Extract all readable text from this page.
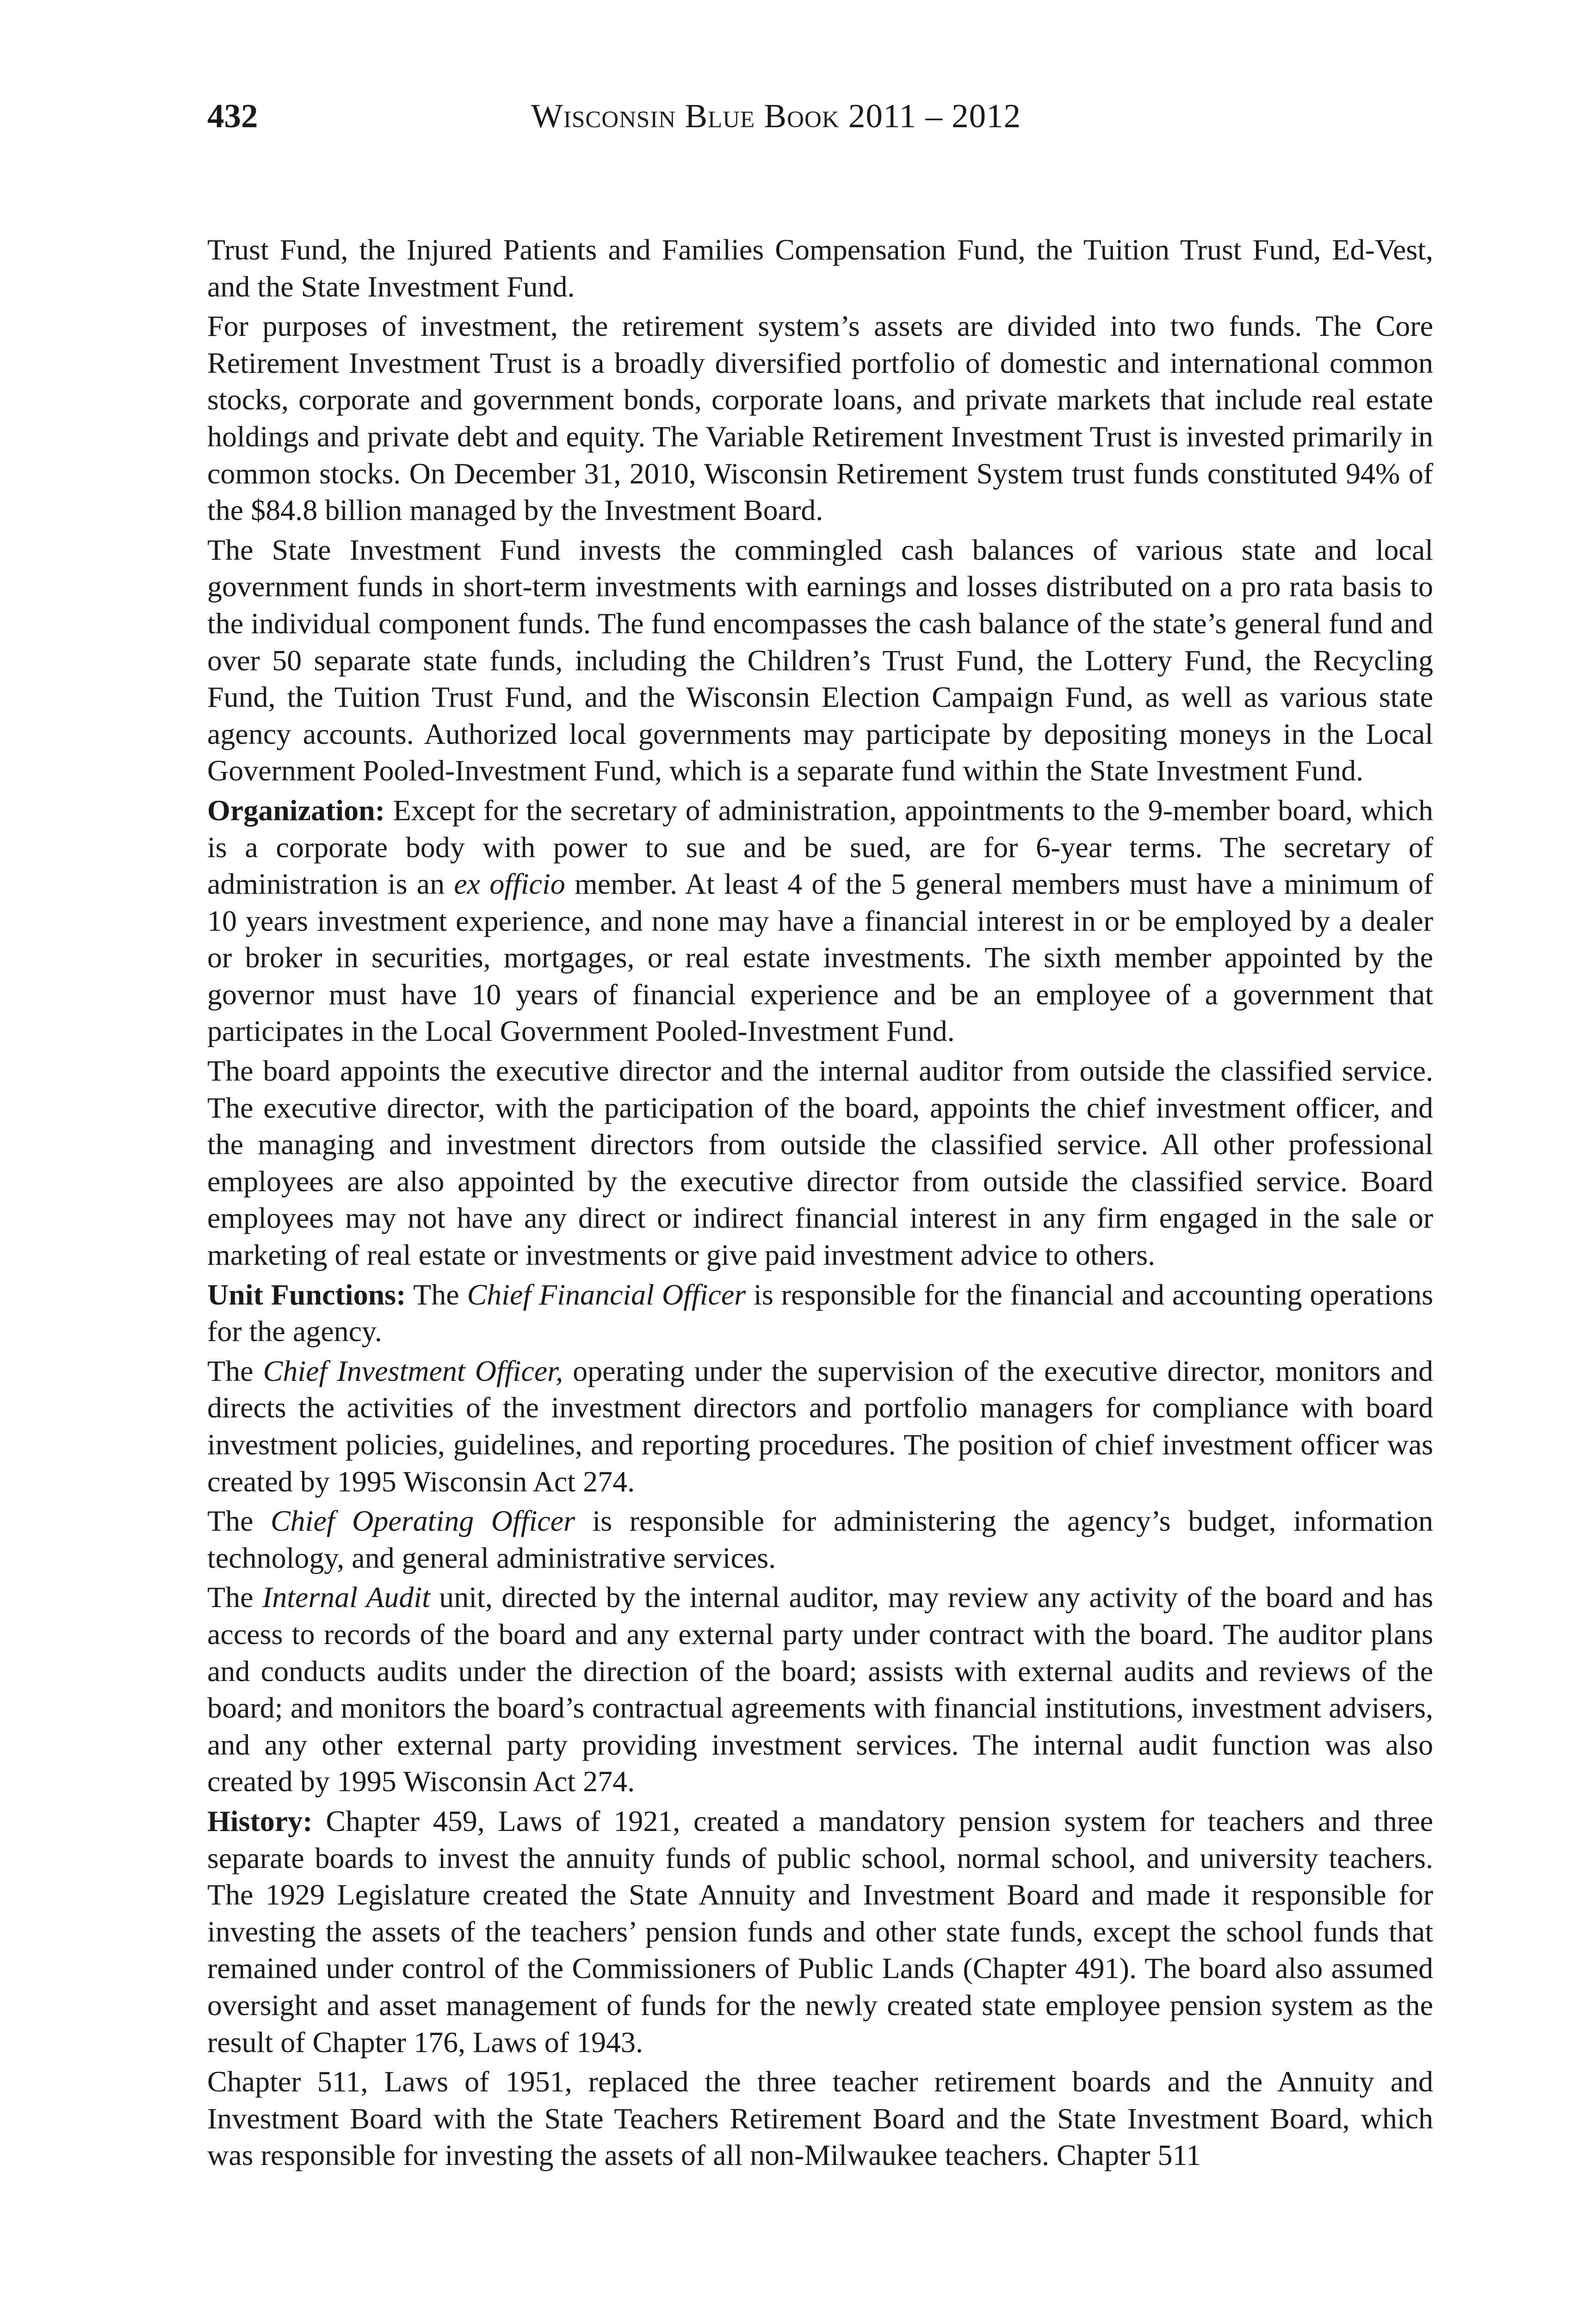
432	Wisconsin Blue Book 2011 – 2012

Trust Fund, the Injured Patients and Families Compensation Fund, the Tuition Trust Fund, Ed-Vest, and the State Investment Fund.

For purposes of investment, the retirement system’s assets are divided into two funds. The Core Retirement Investment Trust is a broadly diversified portfolio of domestic and international common stocks, corporate and government bonds, corporate loans, and private markets that include real estate holdings and private debt and equity. The Variable Retirement Investment Trust is invested primarily in common stocks. On December 31, 2010, Wisconsin Retirement System trust funds constituted 94% of the $84.8 billion managed by the Investment Board.

The State Investment Fund invests the commingled cash balances of various state and local government funds in short-term investments with earnings and losses distributed on a pro rata basis to the individual component funds. The fund encompasses the cash balance of the state’s general fund and over 50 separate state funds, including the Children’s Trust Fund, the Lottery Fund, the Recycling Fund, the Tuition Trust Fund, and the Wisconsin Election Campaign Fund, as well as various state agency accounts. Authorized local governments may participate by depositing moneys in the Local Government Pooled-Investment Fund, which is a separate fund within the State Investment Fund.

Organization: Except for the secretary of administration, appointments to the 9-member board, which is a corporate body with power to sue and be sued, are for 6-year terms. The secretary of administration is an ex officio member. At least 4 of the 5 general members must have a minimum of 10 years investment experience, and none may have a financial interest in or be employed by a dealer or broker in securities, mortgages, or real estate investments. The sixth member appointed by the governor must have 10 years of financial experience and be an employee of a government that participates in the Local Government Pooled-Investment Fund.

The board appoints the executive director and the internal auditor from outside the classified service. The executive director, with the participation of the board, appoints the chief investment officer, and the managing and investment directors from outside the classified service. All other professional employees are also appointed by the executive director from outside the classified service. Board employees may not have any direct or indirect financial interest in any firm engaged in the sale or marketing of real estate or investments or give paid investment advice to others.

Unit Functions: The Chief Financial Officer is responsible for the financial and accounting operations for the agency.

The Chief Investment Officer, operating under the supervision of the executive director, monitors and directs the activities of the investment directors and portfolio managers for compliance with board investment policies, guidelines, and reporting procedures. The position of chief investment officer was created by 1995 Wisconsin Act 274.

The Chief Operating Officer is responsible for administering the agency’s budget, information technology, and general administrative services.

The Internal Audit unit, directed by the internal auditor, may review any activity of the board and has access to records of the board and any external party under contract with the board. The auditor plans and conducts audits under the direction of the board; assists with external audits and reviews of the board; and monitors the board’s contractual agreements with financial institutions, investment advisers, and any other external party providing investment services. The internal audit function was also created by 1995 Wisconsin Act 274.

History: Chapter 459, Laws of 1921, created a mandatory pension system for teachers and three separate boards to invest the annuity funds of public school, normal school, and university teachers. The 1929 Legislature created the State Annuity and Investment Board and made it responsible for investing the assets of the teachers’ pension funds and other state funds, except the school funds that remained under control of the Commissioners of Public Lands (Chapter 491). The board also assumed oversight and asset management of funds for the newly created state employee pension system as the result of Chapter 176, Laws of 1943.

Chapter 511, Laws of 1951, replaced the three teacher retirement boards and the Annuity and Investment Board with the State Teachers Retirement Board and the State Investment Board, which was responsible for investing the assets of all non-Milwaukee teachers. Chapter 511
